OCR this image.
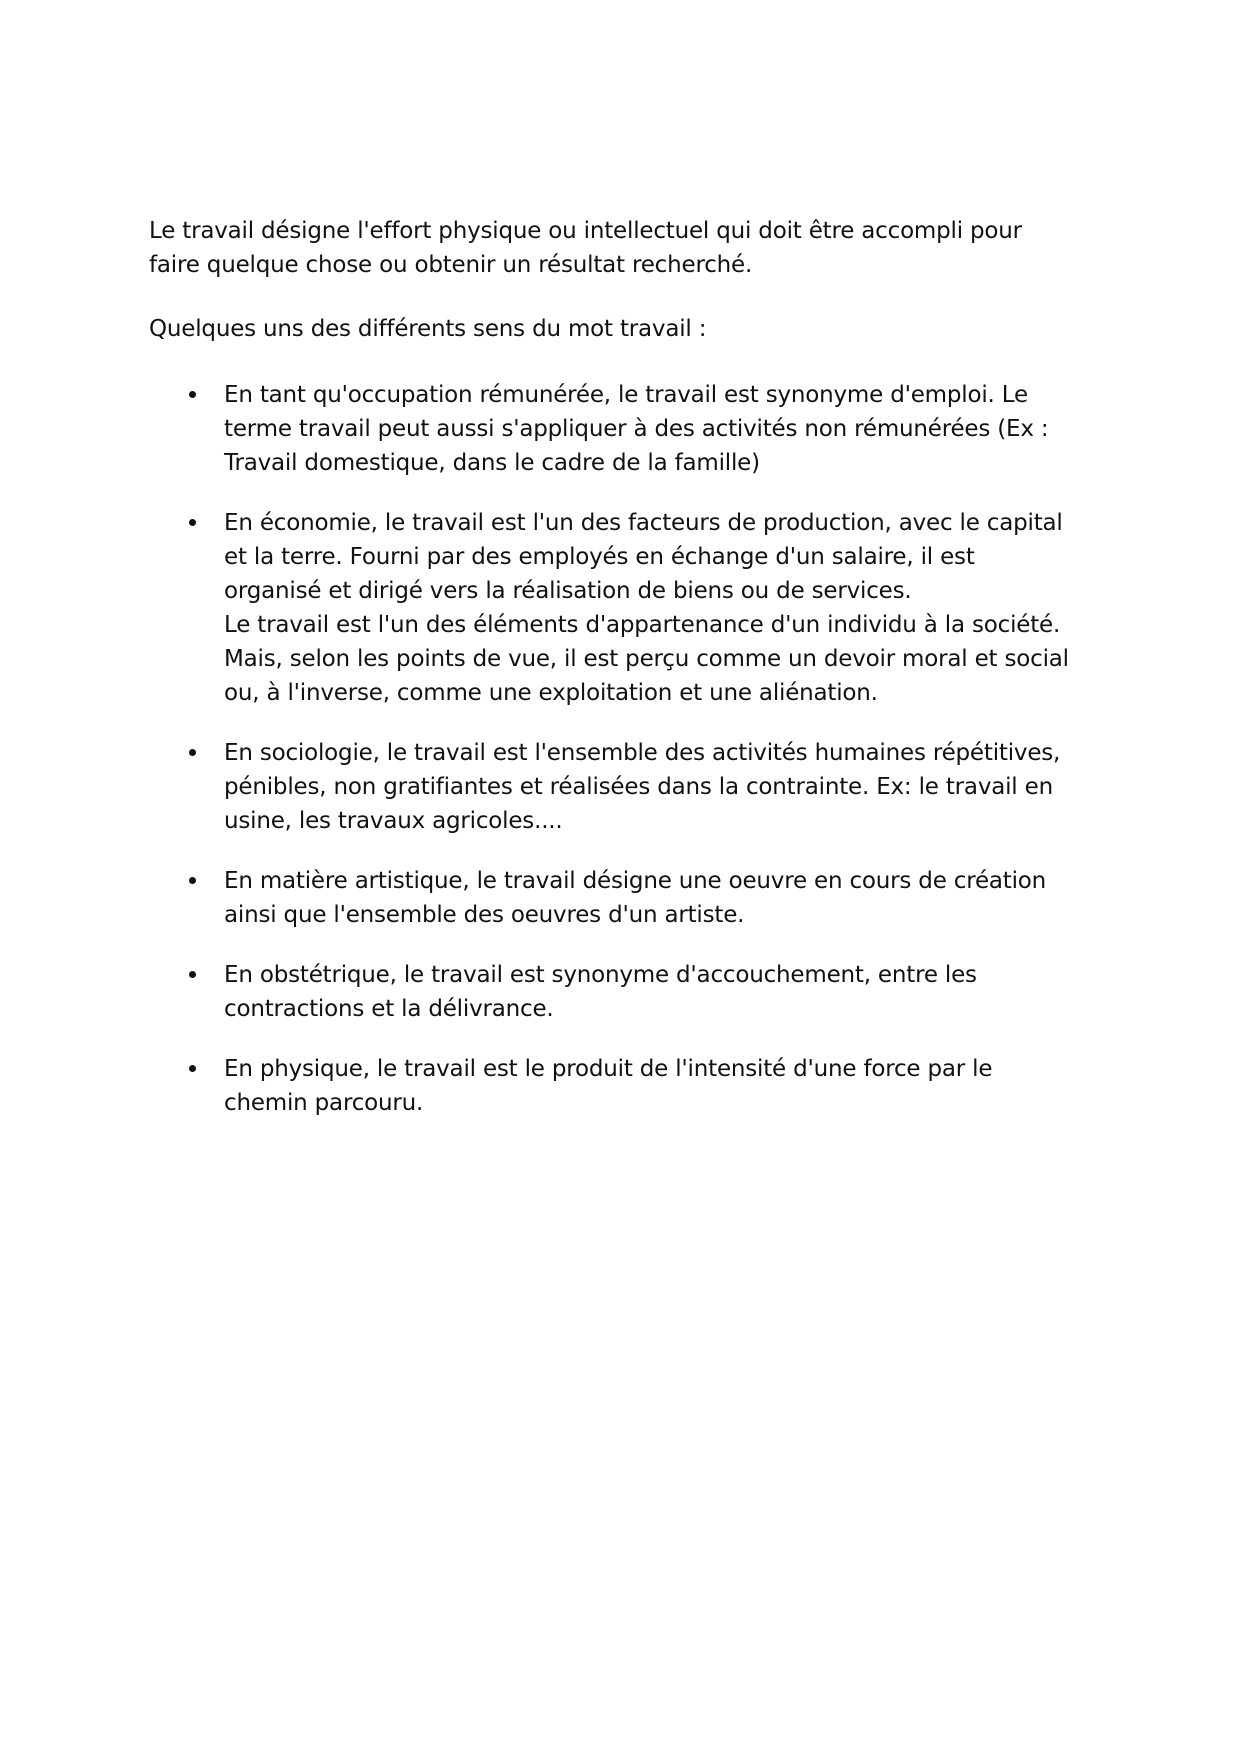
Le travail désigne l'effort physique ou intellectuel qui doit être accompli pour
faire quelque chose ou obtenir un résultat recherché.

Quelques uns des différents sens du mot travail :

En tant qu'occupation rémunérée, le travail est synonyme d'emploi. Le
terme travail peut aussi s'appliquer à des activités non rémunérées (Ex :
Travail domestique, dans le cadre de la famille)
En économie, le travail est l'un des facteurs de production, avec le capital
et la terre. Fourni par des employés en échange d'un salaire, il est
organisé et dirigé vers la réalisation de biens ou de services.
Le travail est l'un des éléments d'appartenance d'un individu à la société.
Mais, selon les points de vue, il est perçu comme un devoir moral et social
ou, à l'inverse, comme une exploitation et une aliénation.
En sociologie, le travail est l'ensemble des activités humaines répétitives,
pénibles, non gratifiantes et réalisées dans la contrainte. Ex: le travail en
usine, les travaux agricoles....
En matière artistique, le travail désigne une oeuvre en cours de création
ainsi que l'ensemble des oeuvres d'un artiste.
En obstétrique, le travail est synonyme d'accouchement, entre les
contractions et la délivrance.
En physique, le travail est le produit de l'intensité d'une force par le
chemin parcouru.
